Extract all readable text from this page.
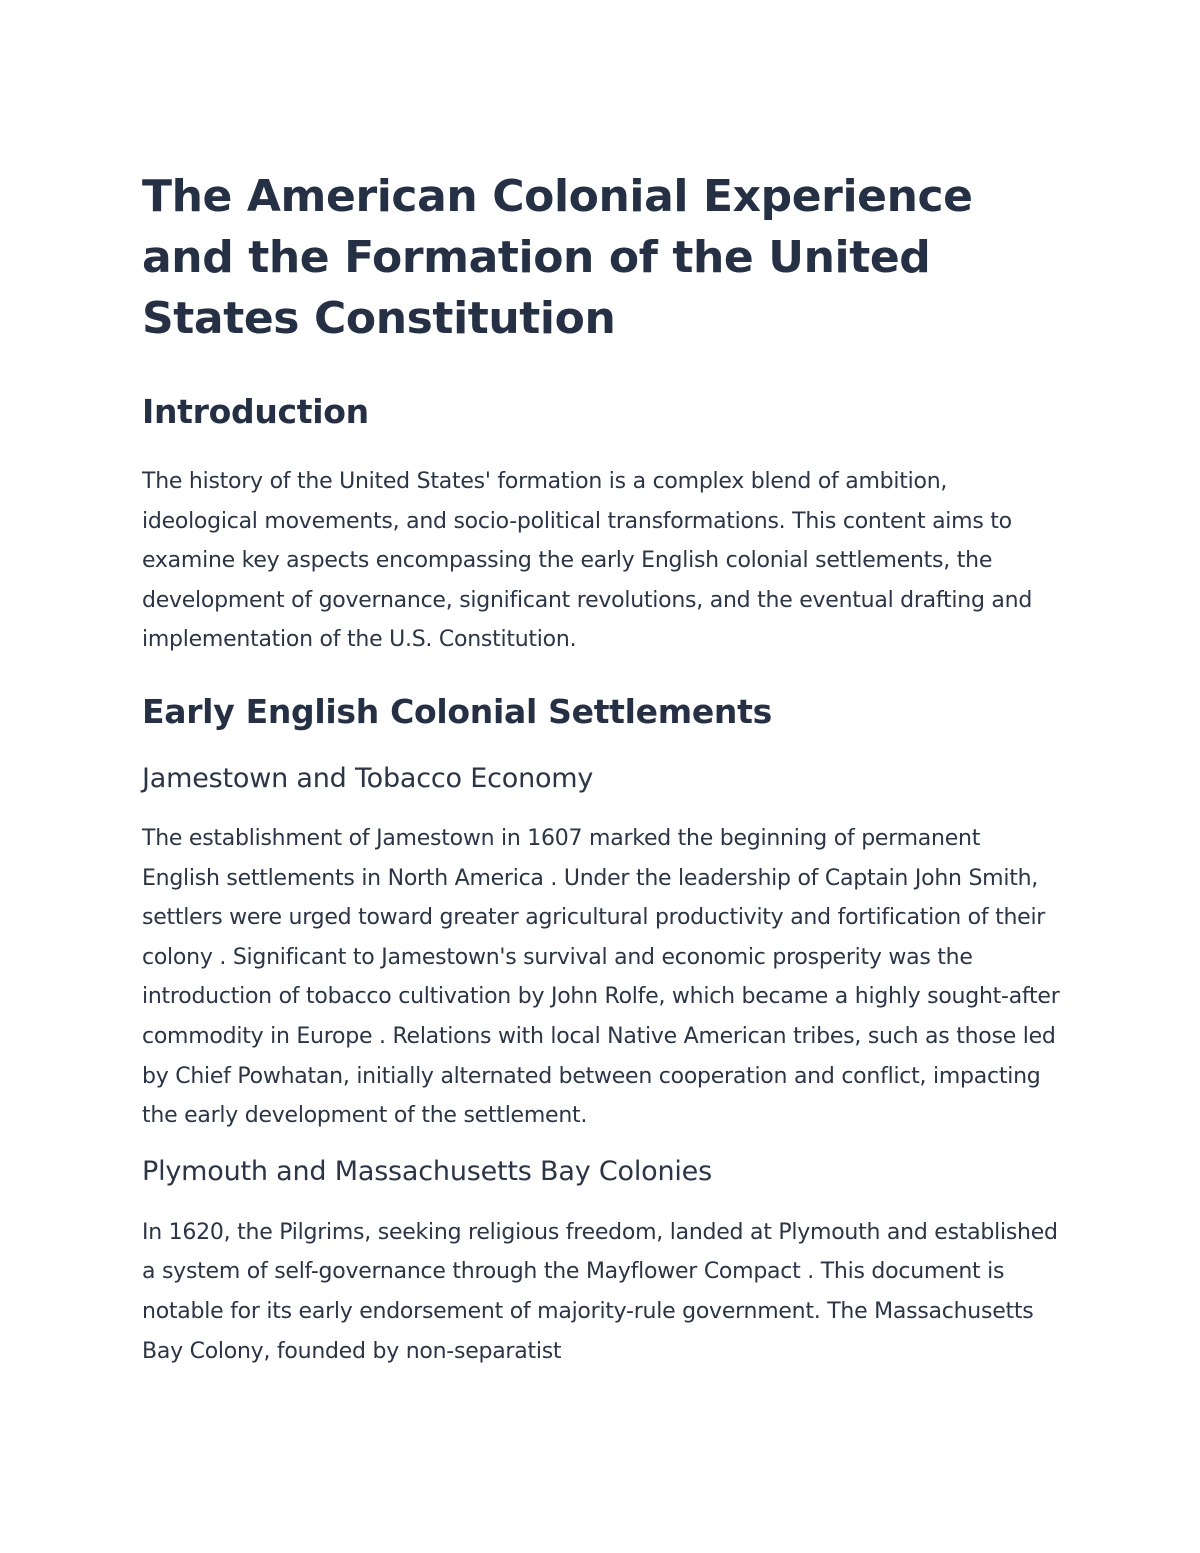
The American Colonial Experience and the Formation of the United States Constitution
Introduction

The history of the United States' formation is a complex blend of ambition, ideological movements, and socio-political transformations. This content aims to examine key aspects encompassing the early English colonial settlements, the development of governance, significant revolutions, and the eventual drafting and implementation of the U.S. Constitution.

Early English Colonial Settlements
Jamestown and Tobacco Economy

The establishment of Jamestown in 1607 marked the beginning of permanent English settlements in North America . Under the leadership of Captain John Smith, settlers were urged toward greater agricultural productivity and fortification of their colony . Significant to Jamestown's survival and economic prosperity was the introduction of tobacco cultivation by John Rolfe, which became a highly sought-after commodity in Europe . Relations with local Native American tribes, such as those led by Chief Powhatan, initially alternated between cooperation and conflict, impacting the early development of the settlement.

Plymouth and Massachusetts Bay Colonies

In 1620, the Pilgrims, seeking religious freedom, landed at Plymouth and established a system of self-governance through the Mayflower Compact . This document is notable for its early endorsement of majority-rule government. The Massachusetts Bay Colony, founded by non-separatist
